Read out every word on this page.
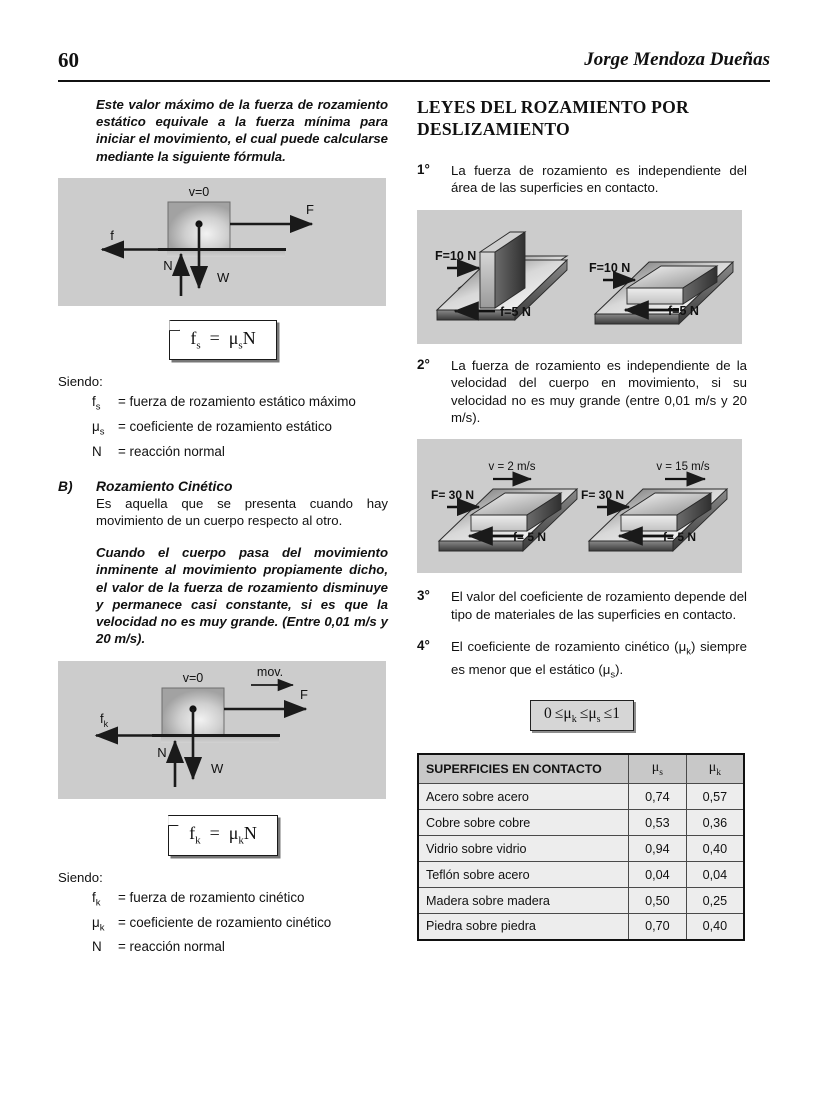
60	Jorge Mendoza Dueñas
Este valor máximo de la fuerza de rozamiento estático equivale a la fuerza mínima para iniciar el movimiento, el cual puede calcularse mediante la siguiente fórmula.
v=0
F
f
N
W
$f_s = \mu_sN$
Siendo:
$f_s$	= fuerza de rozamiento estático máximo
$\mu_s$	= coeficiente de rozamiento estático
N	= reacción normal
B)	Rozamiento Cinético
Es aquella que se presenta cuando hay movimiento de un cuerpo respecto al otro.
Cuando el cuerpo pasa del movimiento inminente al movimiento propiamente dicho, el valor de la fuerza de rozamiento disminuye y permanece casi constante, si es que la velocidad no es muy grande. (Entre 0,01 m/s y 20 m/s).
v=0	mov.
F
$f_k$
N
W
$f_k = \mu_kN$
Siendo:
$f_k$	= fuerza de rozamiento cinético
$\mu_k$	= coeficiente de rozamiento cinético
N	= reacción normal
LEYES DEL ROZAMIENTO POR
DESLIZAMIENTO
1°	La fuerza de rozamiento es independiente del área de las superficies en contacto.
F=10 N
f=5 N
F=10 N
f=5 N
2°	La fuerza de rozamiento es independiente de la velocidad del cuerpo en movimiento, si su velocidad no es muy grande (entre 0,01 m/s y 20 m/s).
v = 2 m/s
F= 30 N
f= 5 N
v = 15 m/s
F= 30 N
f= 5 N
3°	El valor del coeficiente de rozamiento depende del tipo de materiales de las superficies en contacto.
4°	El coeficiente de rozamiento cinético $(\mu_k)$ siempre es menor que el estático $(\mu_s)$.
$0 \le\mu_k \le\mu_s \le 1$
SUPERFICIES EN CONTACTO	$\mu_s$	$\mu_k$
Acero sobre acero	0,74	0,57
Cobre sobre cobre	0,53	0,36
Vidrio sobre vidrio	0,94	0,40
Teflón sobre acero	0,04	0,04
Madera sobre madera	0,50	0,25
Piedra sobre piedra	0,70	0,40
